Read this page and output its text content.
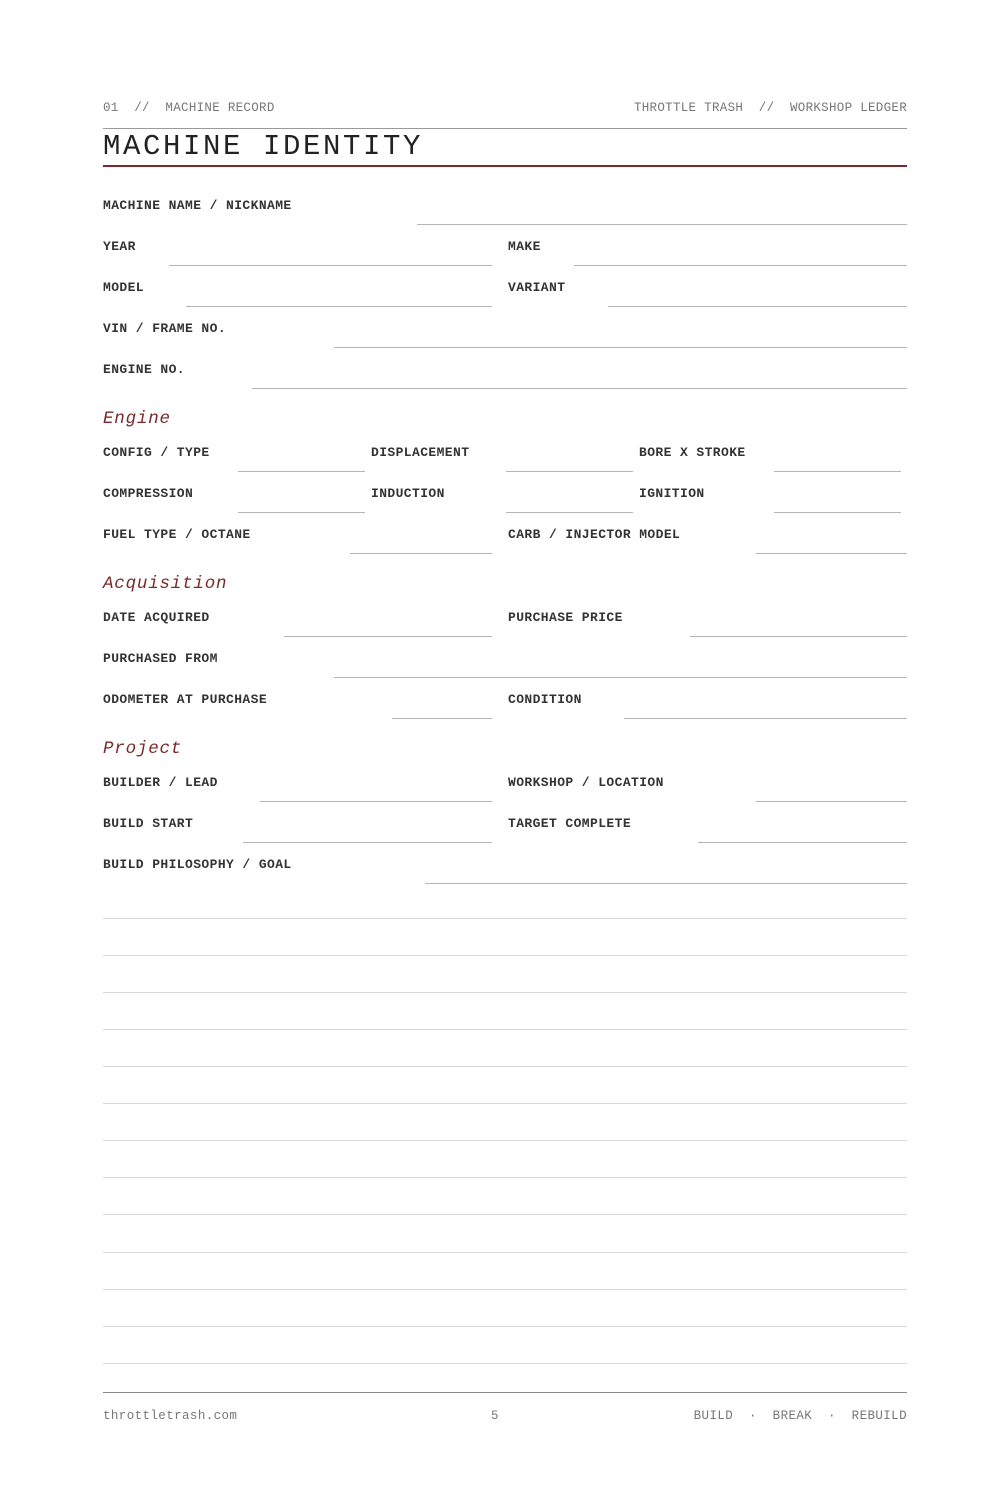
01  //  MACHINE RECORD	THROTTLE TRASH  //  WORKSHOP LEDGER
MACHINE IDENTITY
MACHINE NAME / NICKNAME
YEAR	MAKE
MODEL	VARIANT
VIN / FRAME NO.
ENGINE NO.
Engine
CONFIG / TYPE	DISPLACEMENT	BORE X STROKE
COMPRESSION	INDUCTION	IGNITION
FUEL TYPE / OCTANE	CARB / INJECTOR MODEL
Acquisition
DATE ACQUIRED	PURCHASE PRICE
PURCHASED FROM
ODOMETER AT PURCHASE	CONDITION
Project
BUILDER / LEAD	WORKSHOP / LOCATION
BUILD START	TARGET COMPLETE
BUILD PHILOSOPHY / GOAL
throttletrash.com	5	BUILD  ·  BREAK  ·  REBUILD
